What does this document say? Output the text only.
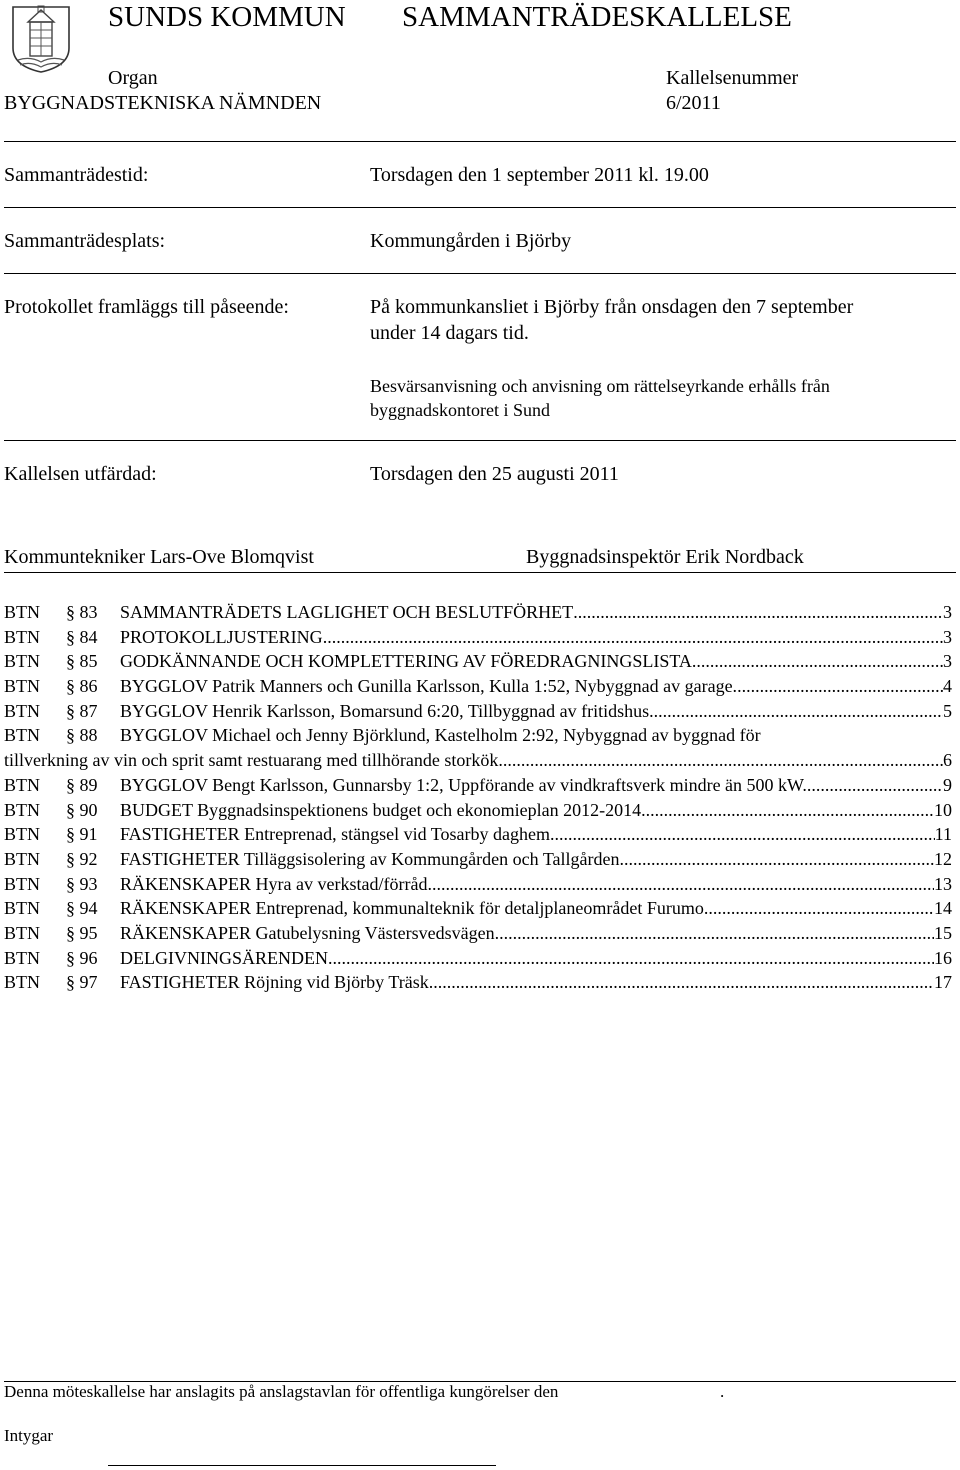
SUNDS KOMMUN SAMMANTRÄDESKALLELSE
Organ	Kallelsenummer
BYGGNADSTEKNISKA NÄMNDEN	6/2011
Sammanträdestid:	Torsdagen den 1 september 2011 kl. 19.00
Sammanträdesplats:	Kommungården i Björby
Protokollet framläggs till påseende:	På kommunkansliet i Björby från onsdagen den 7 september
under 14 dagars tid.
Besvärsanvisning och anvisning om rättelseyrkande erhålls från
byggnadskontoret i Sund
Kallelsen utfärdad:	Torsdagen den 25 augusti 2011
Kommuntekniker Lars-Ove Blomqvist	Byggnadsinspektör Erik Nordback
BTN § 83 SAMMANTRÄDETS LAGLIGHET OCH BESLUTFÖRHET .....	3
BTN § 84 PROTOKOLLJUSTERING .....	3
BTN § 85 GODKÄNNANDE OCH KOMPLETTERING AV FÖREDRAGNINGSLISTA .....	3
BTN § 86 BYGGLOV Patrik Manners och Gunilla Karlsson, Kulla 1:52, Nybyggnad av garage. .....	4
BTN § 87 BYGGLOV Henrik Karlsson, Bomarsund 6:20, Tillbyggnad av fritidshus. .....	5
BTN § 88 BYGGLOV Michael och Jenny Björklund, Kastelholm 2:92, Nybyggnad av byggnad för
tillverkning av vin och sprit samt restuarang med tillhörande storkök. .....	6
BTN § 89 BYGGLOV Bengt Karlsson, Gunnarsby 1:2, Uppförande av vindkraftsverk mindre än 500 kW. .....	9
BTN § 90 BUDGET Byggnadsinspektionens budget och ekonomieplan 2012-2014. .....	10
BTN § 91 FASTIGHETER Entreprenad, stängsel vid Tosarby daghem. .....	11
BTN § 92 FASTIGHETER Tilläggsisolering av Kommungården och Tallgården .....	12
BTN § 93 RÄKENSKAPER Hyra av verkstad/förråd. .....	13
BTN § 94 RÄKENSKAPER Entreprenad, kommunalteknik för detaljplaneområdet Furumo. .....	14
BTN § 95 RÄKENSKAPER Gatubelysning Västersvedsvägen .....	15
BTN § 96 DELGIVNINGSÄRENDEN .....	16
BTN § 97 FASTIGHETER Röjning vid Björby Träsk .....	17
Denna möteskallelse har anslagits på anslagstavlan för offentliga kungörelser den	.
Intygar
